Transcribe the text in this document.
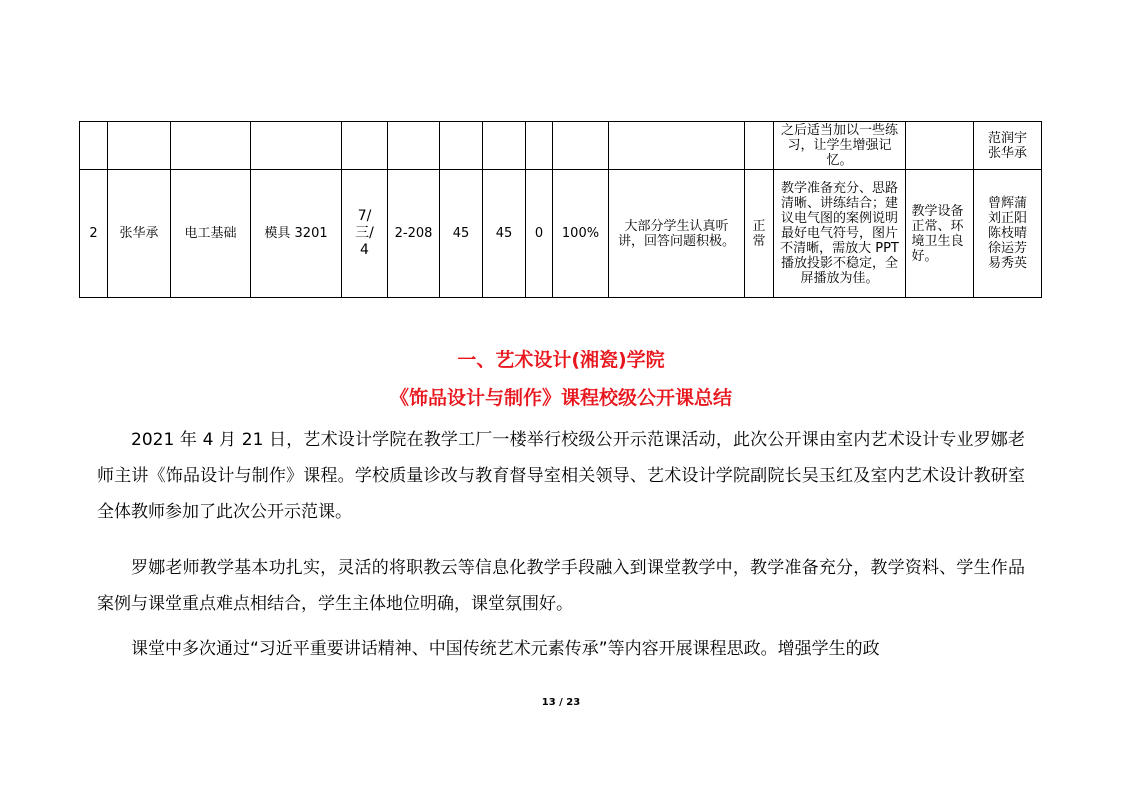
												之后适当加以一些练习，让学生增强记忆。		范润宇
张华承

2	张华承	电工基础	模具 3201	7/三/4	2-208	45	45	0	100%	大部分学生认真听讲，回答问题积极。	正常	教学准备充分、思路清晰、讲练结合；建议电气图的案例说明最好电气符号，图片不清晰，需放大 PPT 播放投影不稳定，全屏播放为佳。	教学设备正常、环境卫生良好。	曾辉蒲
刘正阳
陈枝晴
徐运芳
易秀英
一、艺术设计(湘瓷)学院
《饰品设计与制作》课程校级公开课总结

2021 年 4 月 21 日，艺术设计学院在教学工厂一楼举行校级公开示范课活动，此次公开课由室内艺术设计专业罗娜老师主讲《饰品设计与制作》课程。学校质量诊改与教育督导室相关领导、艺术设计学院副院长吴玉红及室内艺术设计教研室全体教师参加了此次公开示范课。

罗娜老师教学基本功扎实，灵活的将职教云等信息化教学手段融入到课堂教学中，教学准备充分，教学资料、学生作品案例与课堂重点难点相结合，学生主体地位明确，课堂氛围好。

课堂中多次通过“习近平重要讲话精神、中国传统艺术元素传承”等内容开展课程思政。增强学生的政

13 / 23
